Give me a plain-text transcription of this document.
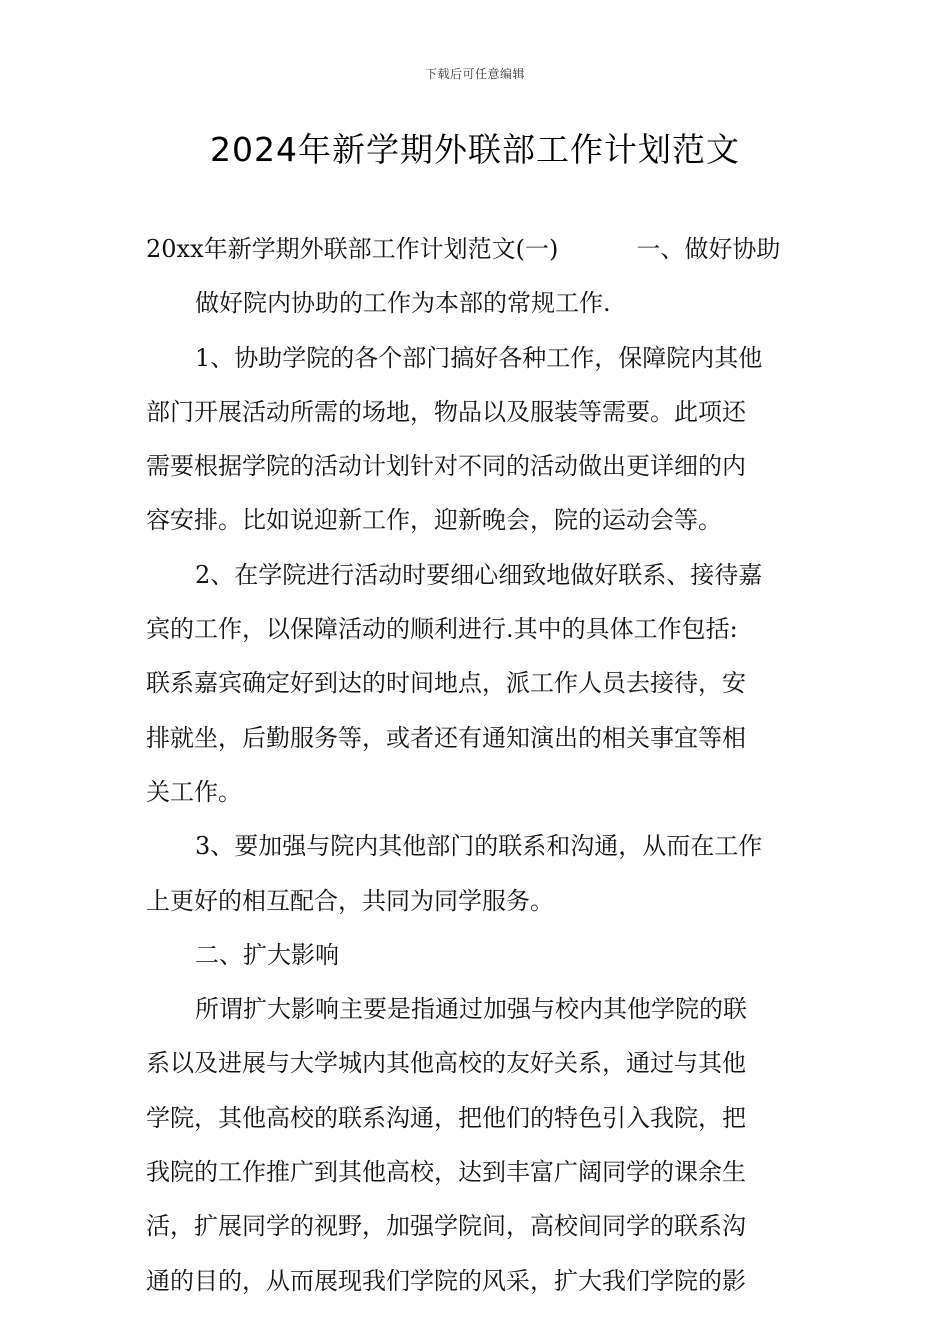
下载后可任意编辑
2024年新学期外联部工作计划范文
20xx年新学期外联部工作计划范文(一)	一、做好协助
做好院内协助的工作为本部的常规工作.
1、协助学院的各个部门搞好各种工作，保障院内其他
部门开展活动所需的场地，物品以及服装等需要。此项还
需要根据学院的活动计划针对不同的活动做出更详细的内
容安排。比如说迎新工作，迎新晚会，院的运动会等。
2、在学院进行活动时要细心细致地做好联系、接待嘉
宾的工作，以保障活动的顺利进行.其中的具体工作包括:
联系嘉宾确定好到达的时间地点，派工作人员去接待，安
排就坐，后勤服务等，或者还有通知演出的相关事宜等相
关工作。
3、要加强与院内其他部门的联系和沟通，从而在工作
上更好的相互配合，共同为同学服务。
二、扩大影响
所谓扩大影响主要是指通过加强与校内其他学院的联
系以及进展与大学城内其他高校的友好关系，通过与其他
学院，其他高校的联系沟通，把他们的特色引入我院，把
我院的工作推广到其他高校，达到丰富广阔同学的课余生
活，扩展同学的视野，加强学院间，高校间同学的联系沟
通的目的，从而展现我们学院的风采，扩大我们学院的影
